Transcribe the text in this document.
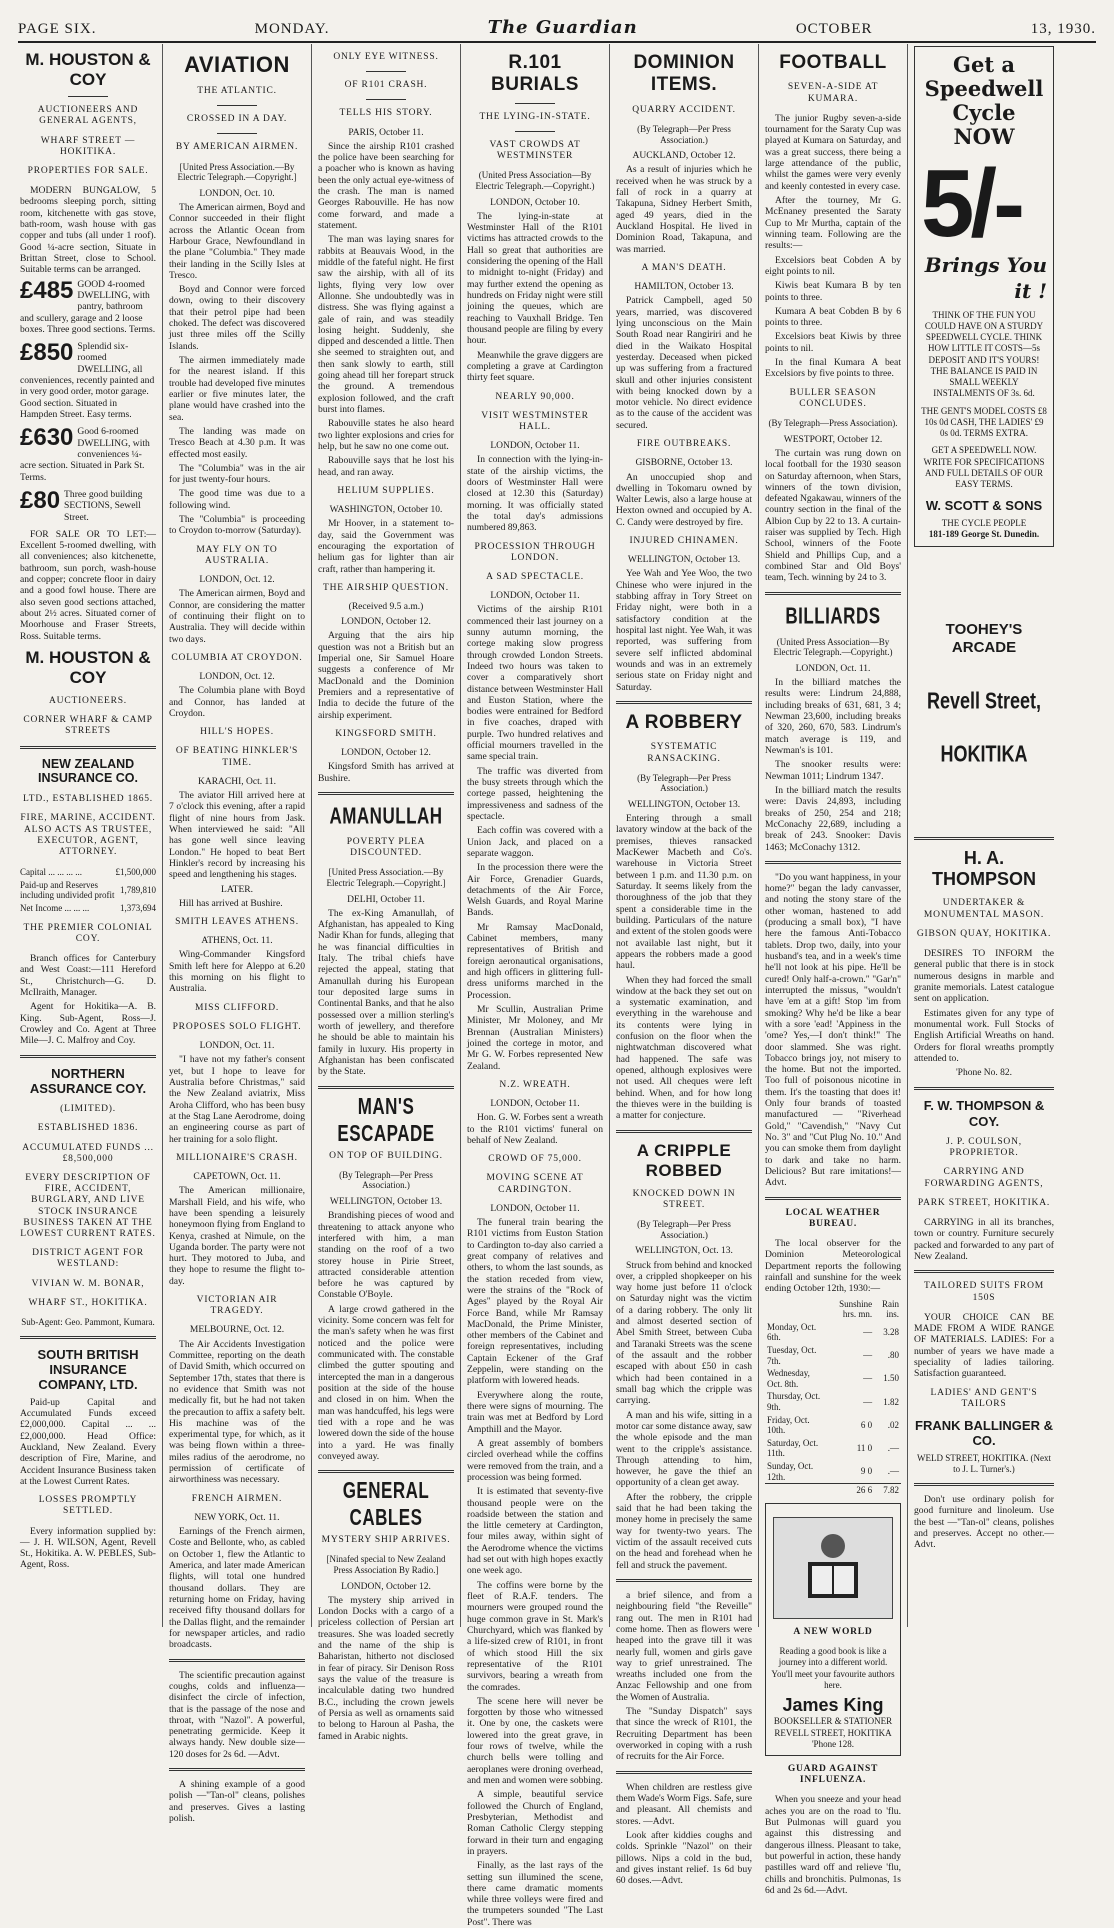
PAGE SIX.	MONDAY.	The Guardian	OCTOBER	13, 1930.
M. HOUSTON & COY
AUCTIONEERS AND GENERAL AGENTS,
WHARF STREET — HOKITIKA.
PROPERTIES FOR SALE.

MODERN BUNGALOW, 5 bedrooms sleeping porch, sitting room, kitchenette with gas stove, bath-room, wash house with gas copper and tubs (all under 1 roof). Good ¼-acre section, Situate in Brittan Street, close to School. Suitable terms can be arranged.

£485 GOOD 4-roomed DWELLING, with pantry, bathroom and scullery, garage and 2 loose boxes. Three good sections. Terms.
£850 Splendid six-roomed DWELLING, all conveniences, recently painted and in very good order, motor garage. Good section. Situated in Hampden Street. Easy terms.
£630 Good 6-roomed DWELLING, with conveniences ¼-acre section. Situated in Park St. Terms.
£80 Three good building SECTIONS, Sewell Street.

FOR SALE OR TO LET:—Excellent 5-roomed dwelling, with all conveniences; also kitchenette, bathroom, sun porch, wash-house and copper; concrete floor in dairy and a good fowl house. There are also seven good sections attached, about 2½ acres. Situated corner of Moorhouse and Fraser Streets, Ross. Suitable terms.

M. HOUSTON & COY
AUCTIONEERS.
CORNER WHARF & CAMP STREETS
NEW ZEALAND INSURANCE CO.
LTD., ESTABLISHED 1865.
FIRE, MARINE, ACCIDENT. ALSO ACTS AS TRUSTEE, EXECUTOR, AGENT, ATTORNEY.
Capital ... ... ... ...	£1,500,000
Paid-up and Reserves including undivided profit	1,789,810
Net Income ... ... ...	1,373,694
THE PREMIER COLONIAL COY.

Branch offices for Canterbury and West Coast:—111 Hereford St., Christchurch—G. D. McIlraith, Manager.

Agent for Hokitika—A. B. King. Sub-Agent, Ross—J. Crowley and Co. Agent at Three Mile—J. C. Malfroy and Coy.

NORTHERN ASSURANCE COY.
(LIMITED).
ESTABLISHED 1836.
ACCUMULATED FUNDS ... £8,500,000
EVERY DESCRIPTION OF FIRE, ACCIDENT, BURGLARY, AND LIVE STOCK INSURANCE BUSINESS TAKEN AT THE LOWEST CURRENT RATES.
DISTRICT AGENT FOR WESTLAND:
VIVIAN W. M. BONAR,
WHARF ST., HOKITIKA.
Sub-Agent: Geo. Pammont, Kumara.
SOUTH BRITISH INSURANCE COMPANY, LTD.

Paid-up Capital and Accumulated Funds exceed £2,000,000. Capital ... ... £2,000,000. Head Office: Auckland, New Zealand. Every description of Fire, Marine, and Accident Insurance Business taken at the Lowest Current Rates.

LOSSES PROMPTLY SETTLED.

Every information supplied by:— J. H. WILSON, Agent, Revell St., Hokitika. A. W. PEBLES, Sub-Agent, Ross.

AVIATION
THE ATLANTIC.
CROSSED IN A DAY.
BY AMERICAN AIRMEN.
[United Press Association.—By Electric Telegraph.—Copyright.]
LONDON, Oct. 10.

The American airmen, Boyd and Connor succeeded in their flight across the Atlantic Ocean from Harbour Grace, Newfoundland in the plane "Columbia." They made their landing in the Scilly Isles at Tresco.

Boyd and Connor were forced down, owing to their discovery that their petrol pipe had been choked. The defect was discovered just three miles off the Scilly Islands.

The airmen immediately made for the nearest island. If this trouble had developed five minutes earlier or five minutes later, the plane would have crashed into the sea.

The landing was made on Tresco Beach at 4.30 p.m. It was effected most easily.

The "Columbia" was in the air for just twenty-four hours.

The good time was due to a following wind.

The "Columbia" is proceeding to Croydon to-morrow (Saturday).

MAY FLY ON TO AUSTRALIA.
LONDON, Oct. 12.

The American airmen, Boyd and Connor, are considering the matter of continuing their flight on to Australia. They will decide within two days.

COLUMBIA AT CROYDON.
LONDON, Oct. 12.

The Columbia plane with Boyd and Connor, has landed at Croydon.

HILL'S HOPES.
OF BEATING HINKLER'S TIME.
KARACHI, Oct. 11.

The aviator Hill arrived here at 7 o'clock this evening, after a rapid flight of nine hours from Jask. When interviewed he said: "All has gone well since leaving London." He hoped to beat Bert Hinkler's record by increasing his speed and lengthening his stages.

LATER.

Hill has arrived at Bushire.

SMITH LEAVES ATHENS.
ATHENS, Oct. 11.

Wing-Commander Kingsford Smith left here for Aleppo at 6.20 this morning on his flight to Australia.

MISS CLIFFORD.
PROPOSES SOLO FLIGHT.
LONDON, Oct. 11.

"I have not my father's consent yet, but I hope to leave for Australia before Christmas," said the New Zealand aviatrix, Miss Aroha Clifford, who has been busy at the Stag Lane Aerodrome, doing an engineering course as part of her training for a solo flight.

MILLIONAIRE'S CRASH.
CAPETOWN, Oct. 11.

The American millionaire, Marshall Field, and his wife, who have been spending a leisurely honeymoon flying from England to Kenya, crashed at Nimule, on the Uganda border. The party were not hurt. They motored to Juba, and they hope to resume the flight to-day.

VICTORIAN AIR TRAGEDY.
MELBOURNE, Oct. 12.

The Air Accidents Investigation Committee, reporting on the death of David Smith, which occurred on September 17th, states that there is no evidence that Smith was not medically fit, but he had not taken the precaution to affix a safety belt. His machine was of the experimental type, for which, as it was being flown within a three-miles radius of the aerodrome, no permission of certificate of airworthiness was necessary.

FRENCH AIRMEN.
NEW YORK, Oct. 11.

Earnings of the French airmen, Coste and Bellonte, who, as cabled on October 1, flew the Atlantic to America, and later made American flights, will total one hundred thousand dollars. They are returning home on Friday, having received fifty thousand dollars for the Dallas flight, and the remainder for newspaper articles, and radio broadcasts.

The scientific precaution against coughs, colds and influenza—disinfect the circle of infection, that is the passage of the nose and throat, with "Nazol". A powerful, penetrating germicide. Keep it always handy. New double size—120 doses for 2s 6d. —Advt.

A shining example of a good polish —"Tan-ol" cleans, polishes and preserves. Gives a lasting polish.

ONLY EYE WITNESS.
OF R101 CRASH.
TELLS HIS STORY.
PARIS, October 11.

Since the airship R101 crashed the police have been searching for a poacher who is known as having been the only actual eye-witness of the crash. The man is named Georges Rabouville. He has now come forward, and made a statement.

The man was laying snares for rabbits at Beauvais Wood, in the middle of the fateful night. He first saw the airship, with all of its lights, flying very low over Allonne. She undoubtedly was in distress. She was flying against a gale of rain, and was steadily losing height. Suddenly, she dipped and descended a little. Then she seemed to straighten out, and then sank slowly to earth, still going ahead till her forepart struck the ground. A tremendous explosion followed, and the craft burst into flames.

Rabouville states he also heard two lighter explosions and cries for help, but he saw no one come out.

Rabouville says that he lost his head, and ran away.

HELIUM SUPPLIES.
WASHINGTON, October 10.

Mr Hoover, in a statement to-day, said the Government was encouraging the exportation of helium gas for lighter than air craft, rather than hampering it.

THE AIRSHIP QUESTION.
(Received 9.5 a.m.)
LONDON, October 12.

Arguing that the airs hip question was not a British but an Imperial one, Sir Samuel Hoare suggests a conference of Mr MacDonald and the Dominion Premiers and a representative of India to decide the future of the airship experiment.

KINGSFORD SMITH.
LONDON, October 12.

Kingsford Smith has arrived at Bushire.

AMANULLAH
POVERTY PLEA DISCOUNTED.
[United Press Association.—By Electric Telegraph.—Copyright.]
DELHI, October 11.

The ex-King Amanullah, of Afghanistan, has appealed to King Nadir Khan for funds, alleging that he was financial difficulties in Italy. The tribal chiefs have rejected the appeal, stating that Amanullah during his European tour deposited large sums in Continental Banks, and that he also possessed over a million sterling's worth of jewellery, and therefore he should be able to maintain his family in luxury. His property in Afghanistan has been confiscated by the State.

MAN'S ESCAPADE
ON TOP OF BUILDING.
(By Telegraph—Per Press Association.)
WELLINGTON, October 13.

Brandishing pieces of wood and threatening to attack anyone who interfered with him, a man standing on the roof of a two storey house in Pirie Street, attracted considerable attention before he was captured by Constable O'Boyle.

A large crowd gathered in the vicinity. Some concern was felt for the man's safety when he was first noticed and the police were communicated with. The constable climbed the gutter spouting and intercepted the man in a dangerous position at the side of the house and closed in on him. When the man was handcuffed, his legs were tied with a rope and he was lowered down the side of the house into a yard. He was finally conveyed away.

GENERAL CABLES
MYSTERY SHIP ARRIVES.
[Ninafed special to New Zealand Press Association By Radio.]
LONDON, October 12.

The mystery ship arrived in London Docks with a cargo of a priceless collection of Persian art treasures. She was loaded secretly and the name of the ship is Baharistan, hitherto not disclosed in fear of piracy. Sir Denison Ross says the value of the treasure is incalculable dating two hundred B.C., including the crown jewels of Persia as well as ornaments said to belong to Haroun al Pasha, the famed in Arabic nights.

R.101 BURIALS
THE LYING-IN-STATE.
VAST CROWDS AT WESTMINSTER
(United Press Association—By Electric Telegraph.—Copyright.)
LONDON, October 10.

The lying-in-state at Westminster Hall of the R101 victims has attracted crowds to the Hall so great that authorities are considering the opening of the Hall to midnight to-night (Friday) and may further extend the opening as hundreds on Friday night were still joining the queues, which are reaching to Vauxhall Bridge. Ten thousand people are filing by every hour.

Meanwhile the grave diggers are completing a grave at Cardington thirty feet square.

NEARLY 90,000.
VISIT WESTMINSTER HALL.
LONDON, October 11.

In connection with the lying-in-state of the airship victims, the doors of Westminster Hall were closed at 12.30 this (Saturday) morning. It was officially stated the total day's admissions numbered 89,863.

PROCESSION THROUGH LONDON.
A SAD SPECTACLE.
LONDON, October 11.

Victims of the airship R101 commenced their last journey on a sunny autumn morning, the cortege making slow progress through crowded London Streets. Indeed two hours was taken to cover a comparatively short distance between Westminster Hall and Euston Station, where the bodies were entrained for Bedford in five coaches, draped with purple. Two hundred relatives and official mourners travelled in the same special train.

The traffic was diverted from the busy streets through which the cortege passed, heightening the impressiveness and sadness of the spectacle.

Each coffin was covered with a Union Jack, and placed on a separate waggon.

In the procession there were the Air Force, Grenadier Guards, detachments of the Air Force, Welsh Guards, and Royal Marine Bands.

Mr Ramsay MacDonald, Cabinet members, many representatives of British and foreign aeronautical organisations, and high officers in glittering full-dress uniforms marched in the Procession.

Mr Scullin, Australian Prime Minister, Mr Moloney, and Mr Brennan (Australian Ministers) joined the cortege in motor, and Mr G. W. Forbes represented New Zealand.

N.Z. WREATH.
LONDON, October 11.

Hon. G. W. Forbes sent a wreath to the R101 victims' funeral on behalf of New Zealand.

CROWD OF 75,000.
MOVING SCENE AT CARDINGTON.
LONDON, October 11.

The funeral train bearing the R101 victims from Euston Station to Cardington to-day also carried a great company of relatives and others, to whom the last sounds, as the station receded from view, were the strains of the "Rock of Ages" played by the Royal Air Force Band, while Mr Ramsay MacDonald, the Prime Minister, other members of the Cabinet and foreign representatives, including Captain Eckener of the Graf Zeppelin, were standing on the platform with lowered heads.

Everywhere along the route, there were signs of mourning. The train was met at Bedford by Lord Ampthill and the Mayor.

A great assembly of bombers circled overhead while the coffins were removed from the train, and a procession was being formed.

It is estimated that seventy-five thousand people were on the roadside between the station and the little cemetery at Cardington, four miles away, within sight of the Aerodrome whence the victims had set out with high hopes exactly one week ago.

The coffins were borne by the fleet of R.A.F. tenders. The mourners were grouped round the huge common grave in St. Mark's Churchyard, which was flanked by a life-sized crew of R101, in front of which stood Hill the six representative of the R101 survivors, bearing a wreath from the comrades.

The scene here will never be forgotten by those who witnessed it. One by one, the caskets were lowered into the great grave, in four rows of twelve, while the church bells were tolling and aeroplanes were droning overhead, and men and women were sobbing.

A simple, beautiful service followed the Church of England, Presbyterian, Methodist and Roman Catholic Clergy stepping forward in their turn and engaging in prayers.

Finally, as the last rays of the setting sun illumined the scene, there came dramatic moments while three volleys were fired and the trumpeters sounded "The Last Post". There was

DOMINION ITEMS.
QUARRY ACCIDENT.
(By Telegraph—Per Press Association.)
AUCKLAND, October 12.

As a result of injuries which he received when he was struck by a fall of rock in a quarry at Takapuna, Sidney Herbert Smith, aged 49 years, died in the Auckland Hospital. He lived in Dominion Road, Takapuna, and was married.

A MAN'S DEATH.
HAMILTON, October 13.

Patrick Campbell, aged 50 years, married, was discovered lying unconscious on the Main South Road near Rangiriri and he died in the Waikato Hospital yesterday. Deceased when picked up was suffering from a fractured skull and other injuries consistent with being knocked down by a motor vehicle. No direct evidence as to the cause of the accident was secured.

FIRE OUTBREAKS.
GISBORNE, October 13.

An unoccupied shop and dwelling in Tokomaru owned by Walter Lewis, also a large house at Hexton owned and occupied by A. C. Candy were destroyed by fire.

INJURED CHINAMEN.
WELLINGTON, October 13.

Yee Wah and Yee Woo, the two Chinese who were injured in the stabbing affray in Tory Street on Friday night, were both in a satisfactory condition at the hospital last night. Yee Wah, it was reported, was suffering from severe self inflicted abdominal wounds and was in an extremely serious state on Friday night and Saturday.

A ROBBERY
SYSTEMATIC RANSACKING.
(By Telegraph—Per Press Association.)
WELLINGTON, October 13.

Entering through a small lavatory window at the back of the premises, thieves ransacked MacKewer Macbeth and Co's. warehouse in Victoria Street between 1 p.m. and 11.30 p.m. on Saturday. It seems likely from the thoroughness of the job that they spent a considerable time in the building. Particulars of the nature and extent of the stolen goods were not available last night, but it appears the robbers made a good haul.

When they had forced the small window at the back they set out on a systematic examination, and everything in the warehouse and its contents were lying in confusion on the floor when the nightwatchman discovered what had happened. The safe was opened, although explosives were not used. All cheques were left behind. When, and for how long the thieves were in the building is a matter for conjecture.

A CRIPPLE ROBBED
KNOCKED DOWN IN STREET.
(By Telegraph—Per Press Association.)
WELLINGTON, Oct. 13.

Struck from behind and knocked over, a crippled shopkeeper on his way home just before 11 o'clock on Saturday night was the victim of a daring robbery. The only lit and almost deserted section of Abel Smith Street, between Cuba and Taranaki Streets was the scene of the assault and the robber escaped with about £50 in cash which had been contained in a small bag which the cripple was carrying.

A man and his wife, sitting in a motor car some distance away, saw the whole episode and the man went to the cripple's assistance. Through attending to him, however, he gave the thief an opportunity of a clean get away.

After the robbery, the cripple said that he had been taking the money home in precisely the same way for twenty-two years. The victim of the assault received cuts on the head and forehead when he fell and struck the pavement.

a brief silence, and from a neighbouring field "the Reveille" rang out. The men in R101 had come home. Then as flowers were heaped into the grave till it was nearly full, women and girls gave way to grief unrestrained. The wreaths included one from the Anzac Fellowship and one from the Women of Australia.

The "Sunday Dispatch" says that since the wreck of R101, the Recruiting Department has been overworked in coping with a rush of recruits for the Air Force.

When children are restless give them Wade's Worm Figs. Safe, sure and pleasant. All chemists and stores. —Advt.

Look after kiddies coughs and colds. Sprinkle "Nazol" on their pillows. Nips a cold in the bud, and gives instant relief. 1s 6d buy 60 doses.—Advt.

FOOTBALL
SEVEN-A-SIDE AT KUMARA.

The junior Rugby seven-a-side tournament for the Saraty Cup was played at Kumara on Saturday, and was a great success, there being a large attendance of the public, whilst the games were very evenly and keenly contested in every case.

After the tourney, Mr G. McEnaney presented the Saraty Cup to Mr Murtha, captain of the winning team. Following are the results:—

Excelsiors beat Cobden A by eight points to nil.

Kiwis beat Kumara B by ten points to three.

Kumara A beat Cobden B by 6 points to three.

Excelsiors beat Kiwis by three points to nil.

In the final Kumara A beat Excelsiors by five points to three.

BULLER SEASON CONCLUDES.
(By Telegraph—Press Association).
WESTPORT, October 12.

The curtain was rung down on local football for the 1930 season on Saturday afternoon, when Stars, winners of the town division, defeated Ngakawau, winners of the country section in the final of the Albion Cup by 22 to 13. A curtain-raiser was supplied by Tech. High School, winners of the Foote Shield and Phillips Cup, and a combined Star and Old Boys' team, Tech. winning by 24 to 3.

BILLIARDS
(United Press Association—By Electric Telegraph.—Copyright.)
LONDON, Oct. 11.

In the billiard matches the results were: Lindrum 24,888, including breaks of 631, 681, 3 4; Newman 23,600, including breaks of 320, 260, 670, 583. Lindrum's match average is 119, and Newman's is 101.

The snooker results were: Newman 1011; Lindrum 1347.

In the billiard match the results were: Davis 24,893, including breaks of 250, 254 and 218; McConachy 22,689, including a break of 243. Snooker: Davis 1463; McConachy 1312.

"Do you want happiness, in your home?" began the lady canvasser, and noting the stony stare of the other woman, hastened to add (producing a small box), "I have here the famous Anti-Tobacco tablets. Drop two, daily, into your husband's tea, and in a week's time he'll not look at his pipe. He'll be cured! Only half-a-crown." "Gar'n" interrupted the missus, "wouldn't have 'em at a gift! Stop 'im from smoking? Why he'd be like a bear with a sore 'ead! 'Appiness in the 'ome? Yes,—I don't think!" The door slammed. She was right. Tobacco brings joy, not misery to the home. But not the imported. Too full of poisonous nicotine in them. It's the toasting that does it! Only four brands of toasted manufactured — "Riverhead Gold," "Cavendish," "Navy Cut No. 3" and "Cut Plug No. 10." And you can smoke them from daylight to dark and take no harm. Delicious? But rare imitations!—Advt.

LOCAL WEATHER BUREAU.

The local observer for the Dominion Meteorological Department reports the following rainfall and sunshine for the week ending October 12th, 1930:—

	Sunshine hrs. mn.	Rain ins.
Monday, Oct. 6th.	—	3.28
Tuesday, Oct. 7th.	—	.80
Wednesday, Oct. 8th.	—	1.50
Thursday, Oct. 9th.	—	1.82
Friday, Oct. 10th.	6 0	.02
Saturday, Oct. 11th.	11 0	.—
Sunday, Oct. 12th.	9 0	.—
	26 6	7.82
A NEW WORLD
Reading a good book is like a journey into a different world. You'll meet your favourite authors here.
James King
BOOKSELLER & STATIONER REVELL STREET, HOKITIKA 'Phone 128.
GUARD AGAINST INFLUENZA.

When you sneeze and your head aches you are on the road to 'flu. But Pulmonas will guard you against this distressing and dangerous illness. Pleasant to take, but powerful in action, these handy pastilles ward off and relieve 'flu, chills and bronchitis. Pulmonas, 1s 6d and 2s 6d.—Advt.

Get a Speedwell Cycle NOW
5/-
Brings You it !
THINK OF THE FUN YOU COULD HAVE ON A STURDY SPEEDWELL CYCLE. THINK HOW LITTLE IT COSTS—5s DEPOSIT AND IT'S YOURS! THE BALANCE IS PAID IN SMALL WEEKLY INSTALMENTS OF 3s. 6d.
THE GENT'S MODEL COSTS £8 10s 0d CASH, THE LADIES' £9 0s 0d. TERMS EXTRA.
GET A SPEEDWELL NOW. WRITE FOR SPECIFICATIONS AND FULL DETAILS OF OUR EASY TERMS.
W. SCOTT & SONS
THE CYCLE PEOPLE
181-189 George St. Dunedin.
TOOHEY'S ARCADE
Revell Street,
HOKITIKA
H. A. THOMPSON
UNDERTAKER & MONUMENTAL MASON.
GIBSON QUAY, HOKITIKA.

DESIRES TO INFORM the general public that there is in stock numerous designs in marble and granite memorials. Latest catalogue sent on application.

Estimates given for any type of monumental work. Full Stocks of English Artificial Wreaths on hand. Orders for floral wreaths promptly attended to.

'Phone No. 82.
F. W. THOMPSON & COY.
J. P. COULSON, PROPRIETOR.
CARRYING AND FORWARDING AGENTS,
PARK STREET, HOKITIKA.

CARRYING in all its branches, town or country. Furniture securely packed and forwarded to any part of New Zealand.

TAILORED SUITS FROM 150S

YOUR CHOICE CAN BE MADE FROM A WIDE RANGE OF MATERIALS. LADIES: For a number of years we have made a speciality of ladies tailoring. Satisfaction guaranteed.

LADIES' AND GENT'S TAILORS
FRANK BALLINGER & CO.
WELD STREET, HOKITIKA. (Next to J. L. Turner's.)

Don't use ordinary polish for good furniture and linoleum. Use the best —"Tan-ol" cleans, polishes and preserves. Accept no other.—Advt.
